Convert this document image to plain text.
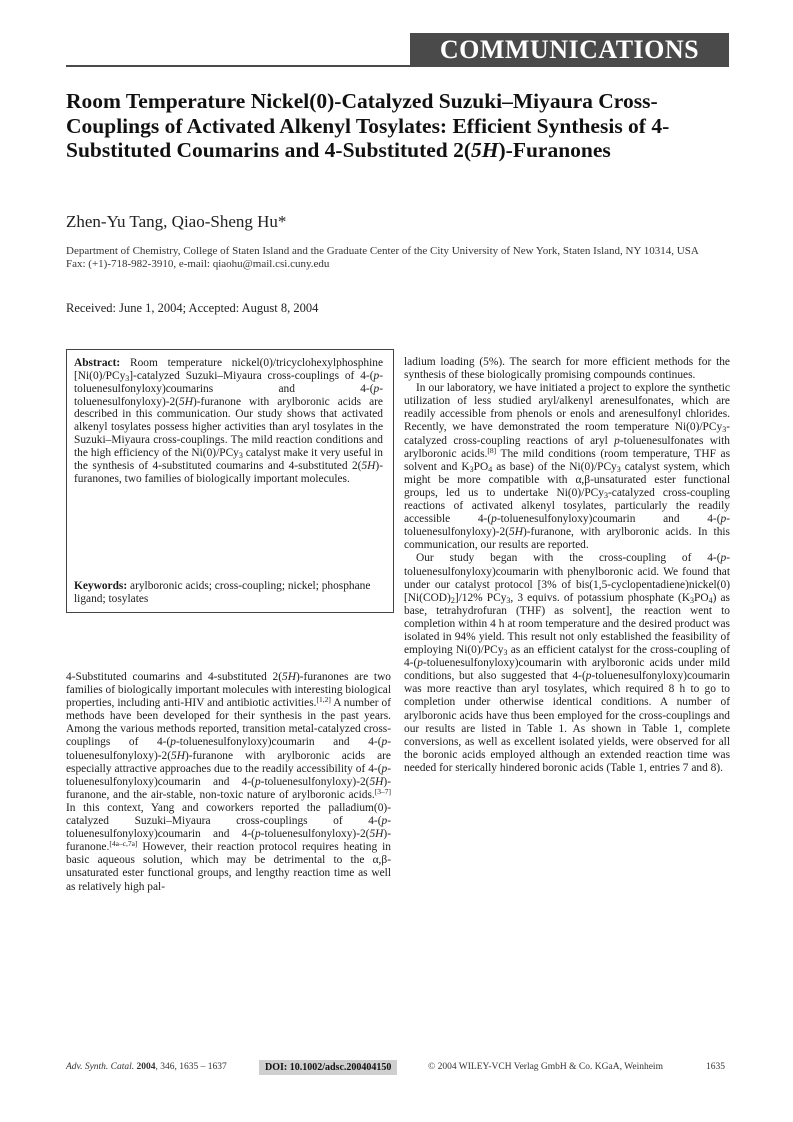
COMMUNICATIONS
Room Temperature Nickel(0)-Catalyzed Suzuki–Miyaura Cross-Couplings of Activated Alkenyl Tosylates: Efficient Synthesis of 4-Substituted Coumarins and 4-Substituted 2(5H)-Furanones
Zhen-Yu Tang, Qiao-Sheng Hu*
Department of Chemistry, College of Staten Island and the Graduate Center of the City University of New York, Staten Island, NY 10314, USA
Fax: (+1)-718-982-3910, e-mail: qiaohu@mail.csi.cuny.edu
Received: June 1, 2004; Accepted: August 8, 2004
Abstract: Room temperature nickel(0)/tricyclohexylphosphine [Ni(0)/PCy$_3$]-catalyzed Suzuki–Miyaura cross-couplings of 4-(p-toluenesulfonyloxy)coumarins and 4-(p-toluenesulfonyloxy)-2(5H)-furanone with arylboronic acids are described in this communication. Our study shows that activated alkenyl tosylates possess higher activities than aryl tosylates in the Suzuki–Miyaura cross-couplings. The mild reaction conditions and the high efficiency of the Ni(0)/PCy$_3$ catalyst make it very useful in the synthesis of 4-substituted coumarins and 4-substituted 2(5H)-furanones, two families of biologically important molecules.
Keywords: arylboronic acids; cross-coupling; nickel; phosphane ligand; tosylates

4-Substituted coumarins and 4-substituted 2(5H)-furanones are two families of biologically important molecules with interesting biological properties, including anti-HIV and antibiotic activities.[1,2] A number of methods have been developed for their synthesis in the past years. Among the various methods reported, transition metal-catalyzed cross-couplings of 4-(p-toluenesulfonyloxy)coumarin and 4-(p-toluenesulfonyloxy)-2(5H)-furanone with arylboronic acids are especially attractive approaches due to the readily accessibility of 4-(p-toluenesulfonyloxy)coumarin and 4-(p-toluenesulfonyloxy)-2(5H)-furanone, and the air-stable, non-toxic nature of arylboronic acids.[3–7] In this context, Yang and coworkers reported the palladium(0)-catalyzed Suzuki–Miyaura cross-couplings of 4-(p-toluenesulfonyloxy)coumarin and 4-(p-toluenesulfonyloxy)-2(5H)-furanone.[4a–c,7a] However, their reaction protocol requires heating in basic aqueous solution, which may be detrimental to the α,β-unsaturated ester functional groups, and lengthy reaction time as well as relatively high pal-

ladium loading (5%). The search for more efficient methods for the synthesis of these biologically promising compounds continues.

In our laboratory, we have initiated a project to explore the synthetic utilization of less studied aryl/alkenyl arenesulfonates, which are readily accessible from phenols or enols and arenesulfonyl chlorides. Recently, we have demonstrated the room temperature Ni(0)/PCy$_3$-catalyzed cross-coupling reactions of aryl p-toluenesulfonates with arylboronic acids.[8] The mild conditions (room temperature, THF as solvent and $K_3PO_4$ as base) of the Ni(0)/PCy$_3$ catalyst system, which might be more compatible with α,β-unsaturated ester functional groups, led us to undertake Ni(0)/PCy$_3$-catalyzed cross-coupling reactions of activated alkenyl tosylates, particularly the readily accessible 4-(p-toluenesulfonyloxy)coumarin and 4-(p-toluenesulfonyloxy)-2(5H)-furanone, with arylboronic acids. In this communication, our results are reported.

Our study began with the cross-coupling of 4-(p-toluenesulfonyloxy)coumarin with phenylboronic acid. We found that under our catalyst protocol [3% of bis(1,5-cyclopentadiene)nickel(0) $[Ni(COD)_2]/12\%$ PCy$_3$, 3 equivs. of potassium phosphate $(K_3PO_4)$ as base, tetrahydrofuran (THF) as solvent], the reaction went to completion within 4 h at room temperature and the desired product was isolated in 94% yield. This result not only established the feasibility of employing Ni(0)/PCy$_3$ as an efficient catalyst for the cross-coupling of 4-(p-toluenesulfonyloxy)coumarin with arylboronic acids under mild conditions, but also suggested that 4-(p-toluenesulfonyloxy)coumarin was more reactive than aryl tosylates, which required 8 h to go to completion under otherwise identical conditions. A number of arylboronic acids have thus been employed for the cross-couplings and our results are listed in Table 1. As shown in Table 1, complete conversions, as well as excellent isolated yields, were observed for all the boronic acids employed although an extended reaction time was needed for sterically hindered boronic acids (Table 1, entries 7 and 8).

Adv. Synth. Catal. 2004, 346, 1635 – 1637	DOI: 10.1002/adsc.200404150	© 2004 WILEY-VCH Verlag GmbH & Co. KGaA, Weinheim	1635
